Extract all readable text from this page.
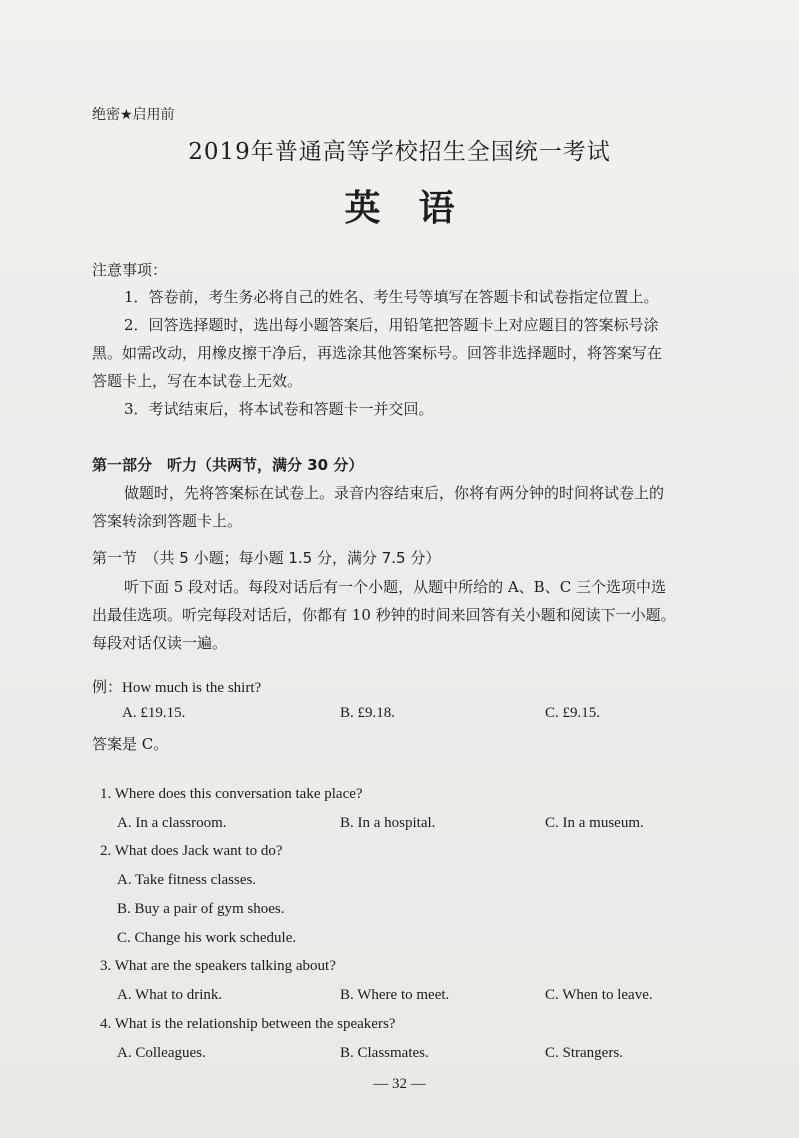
绝密★启用前
2019年普通高等学校招生全国统一考试
英语
注意事项：
1．答卷前，考生务必将自己的姓名、考生号等填写在答题卡和试卷指定位置上。
2．回答选择题时，选出每小题答案后，用铅笔把答题卡上对应题目的答案标号涂
黑。如需改动，用橡皮擦干净后，再选涂其他答案标号。回答非选择题时，将答案写在
答题卡上，写在本试卷上无效。
3．考试结束后，将本试卷和答题卡一并交回。
第一部分　听力（共两节，满分 30 分）
做题时，先将答案标在试卷上。录音内容结束后，你将有两分钟的时间将试卷上的
答案转涂到答题卡上。
第一节　（共 5 小题；每小题 1.5 分，满分 7.5 分）
听下面 5 段对话。每段对话后有一个小题，从题中所给的 A、B、C 三个选项中选
出最佳选项。听完每段对话后，你都有 10 秒钟的时间来回答有关小题和阅读下一小题。
每段对话仅读一遍。
例：How much is the shirt?
A. £19.15.	B. £9.18.	C. £9.15.
答案是 C。
1. Where does this conversation take place?
A. In a classroom.	B. In a hospital.	C. In a museum.
2. What does Jack want to do?
A. Take fitness classes.
B. Buy a pair of gym shoes.
C. Change his work schedule.
3. What are the speakers talking about?
A. What to drink.	B. Where to meet.	C. When to leave.
4. What is the relationship between the speakers?
A. Colleagues.	B. Classmates.	C. Strangers.
— 32 —
